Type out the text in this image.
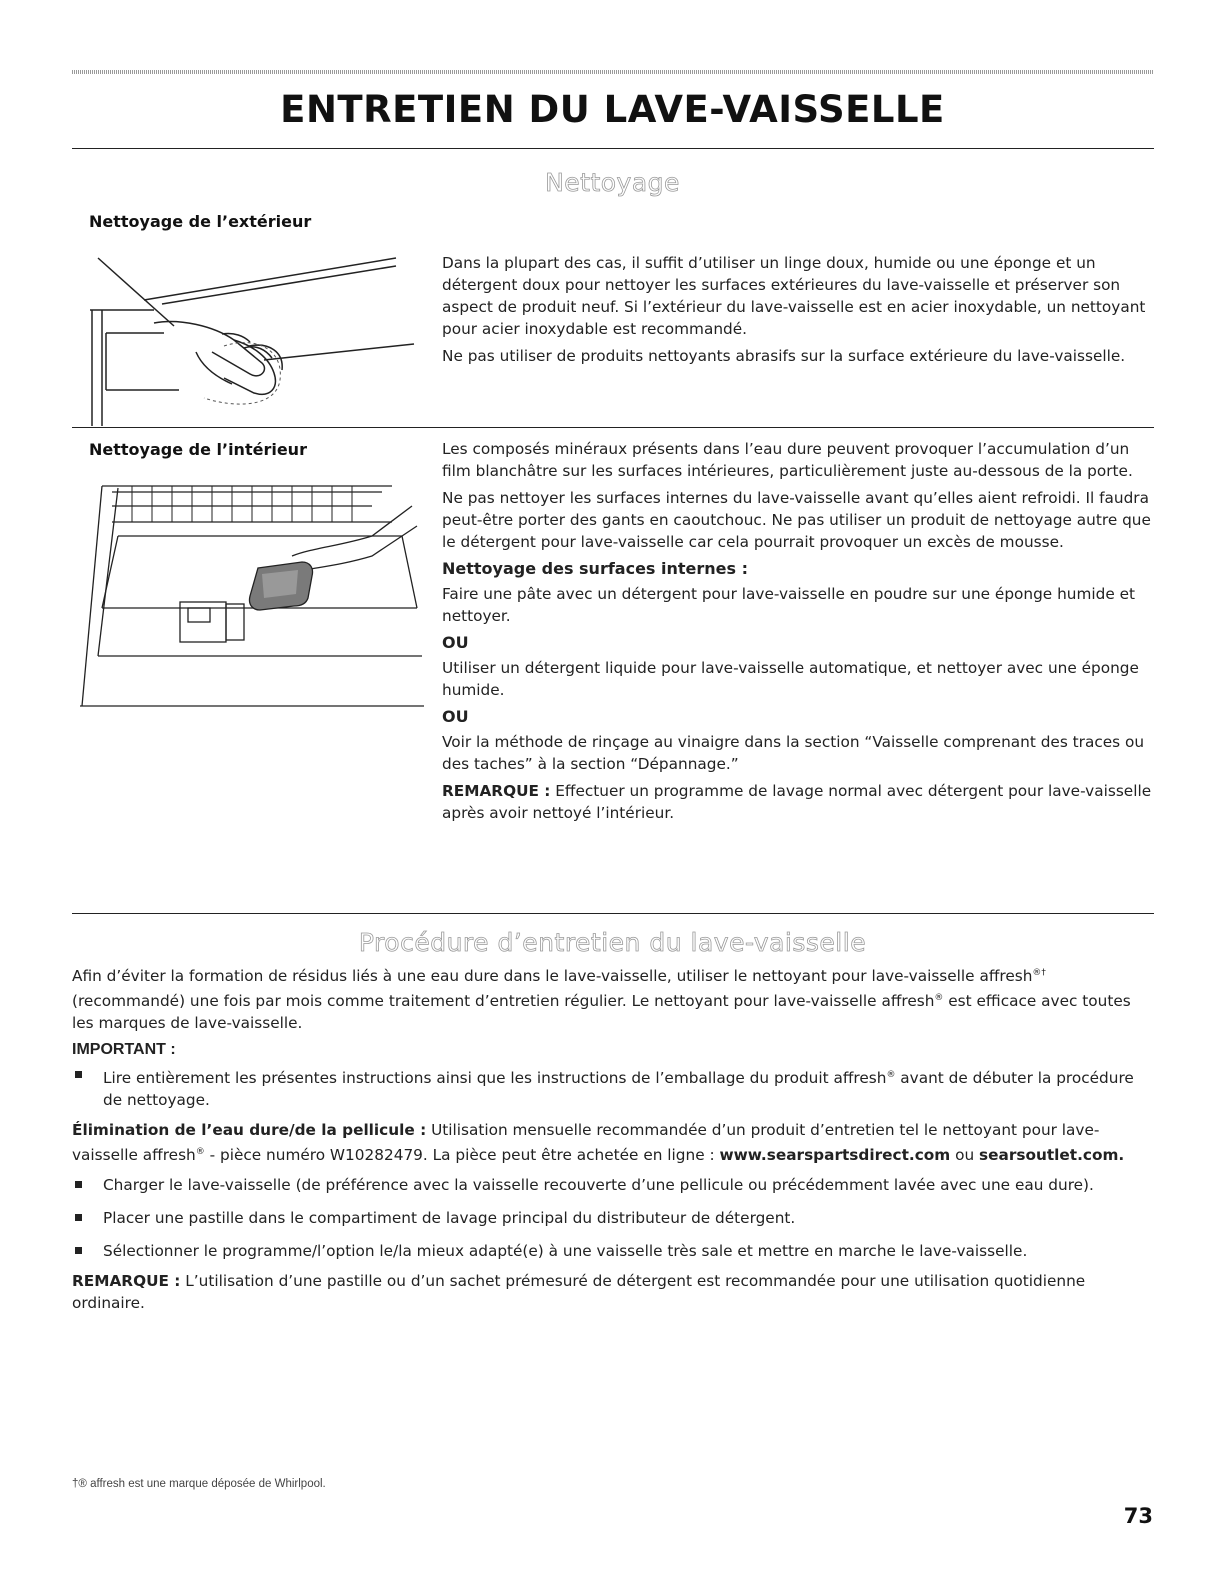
ENTRETIEN DU LAVE-VAISSELLE
Nettoyage
Nettoyage de l’extérieur

Dans la plupart des cas, il suffit d’utiliser un linge doux, humide ou une éponge et un détergent doux pour nettoyer les surfaces extérieures du lave-vaisselle et préserver son aspect de produit neuf. Si l’extérieur du lave-vaisselle est en acier inoxydable, un nettoyant pour acier inoxydable est recommandé.

Ne pas utiliser de produits nettoyants abrasifs sur la surface extérieure du lave-vaisselle.

Nettoyage de l’intérieur	Les composés minéraux présents dans l’eau dure peuvent provoquer l’accumulation d’un film blanchâtre sur les surfaces intérieures, particulièrement juste au-dessous de la porte.

Ne pas nettoyer les surfaces internes du lave-vaisselle avant qu’elles aient refroidi. Il faudra peut-être porter des gants en caoutchouc. Ne pas utiliser un produit de nettoyage autre que le détergent pour lave-vaisselle car cela pourrait provoquer un excès de mousse.

Nettoyage des surfaces internes :

Faire une pâte avec un détergent pour lave-vaisselle en poudre sur une éponge humide et nettoyer.

OU

Utiliser un détergent liquide pour lave-vaisselle automatique, et nettoyer avec une éponge humide.

OU

Voir la méthode de rinçage au vinaigre dans la section “Vaisselle comprenant des traces ou des taches” à la section “Dépannage.”

REMARQUE : Effectuer un programme de lavage normal avec détergent pour lave-vaisselle après avoir nettoyé l’intérieur.

Procédure d’entretien du lave-vaisselle

Afin d’éviter la formation de résidus liés à une eau dure dans le lave-vaisselle, utiliser le nettoyant pour lave-vaisselle affresh®† (recommandé) une fois par mois comme traitement d’entretien régulier. Le nettoyant pour lave-vaisselle affresh® est efficace avec toutes les marques de lave-vaisselle.

IMPORTANT :

Lire entièrement les présentes instructions ainsi que les instructions de l’emballage du produit affresh® avant de débuter la procédure de nettoyage.

Élimination de l’eau dure/de la pellicule : Utilisation mensuelle recommandée d’un produit d’entretien tel le nettoyant pour lave-vaisselle affresh® - pièce numéro W10282479. La pièce peut être achetée en ligne : www.searspartsdirect.com ou searsoutlet.com.

Charger le lave-vaisselle (de préférence avec la vaisselle recouverte d’une pellicule ou précédemment lavée avec une eau dure).

Placer une pastille dans le compartiment de lavage principal du distributeur de détergent.

Sélectionner le programme/l’option le/la mieux adapté(e) à une vaisselle très sale et mettre en marche le lave-vaisselle.

REMARQUE : L’utilisation d’une pastille ou d’un sachet prémesuré de détergent est recommandée pour une utilisation quotidienne ordinaire.

†® affresh est une marque déposée de Whirlpool.
73
